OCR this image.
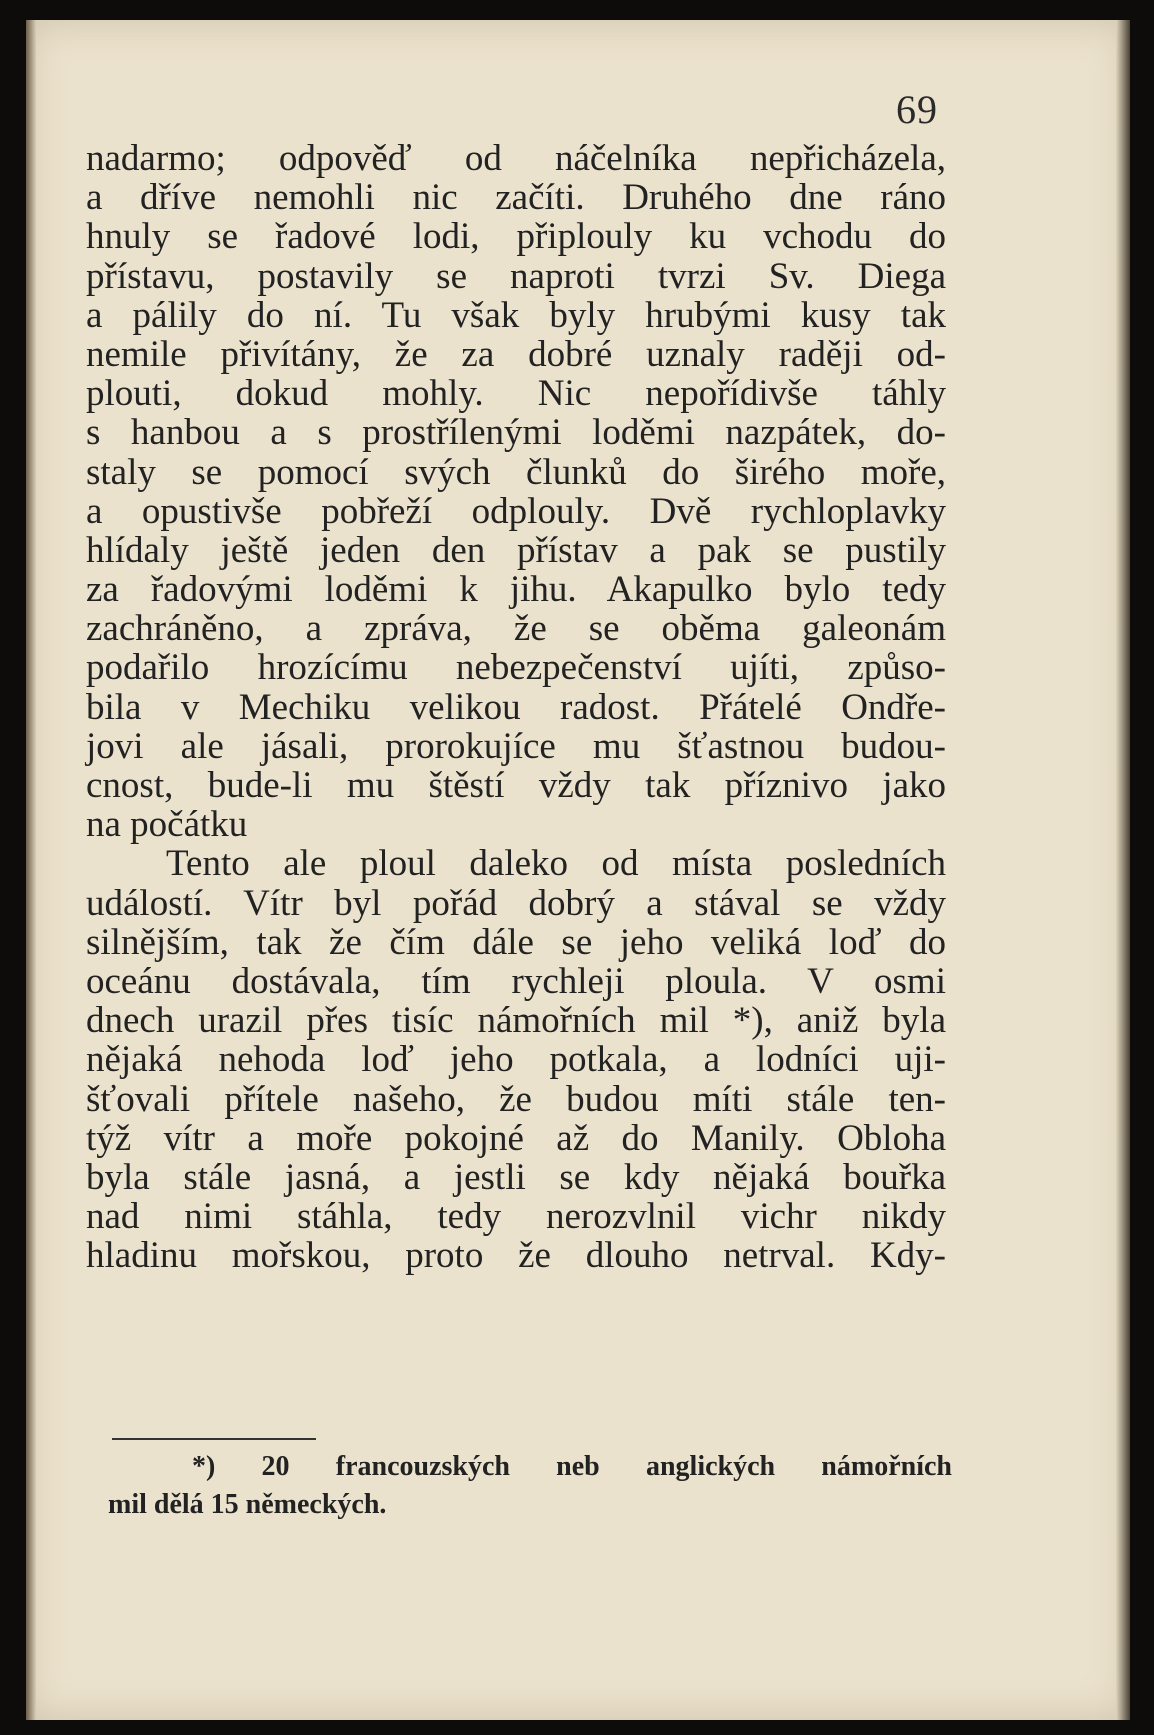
69
nadarmo; odpověď od náčelníka nepřicházela,
a dříve nemohli nic začíti. Druhého dne ráno
hnuly se řadové lodi, připlouly ku vchodu do
přístavu, postavily se naproti tvrzi Sv. Diega
a pálily do ní. Tu však byly hrubými kusy tak
nemile přivítány, že za dobré uznaly raději od-
plouti, dokud mohly. Nic nepořídivše táhly
s hanbou a s prostřílenými loděmi nazpátek, do-
staly se pomocí svých člunků do širého moře,
a opustivše pobřeží odplouly. Dvě rychloplavky
hlídaly ještě jeden den přístav a pak se pustily
za řadovými loděmi k jihu. Akapulko bylo tedy
zachráněno, a zpráva, že se oběma galeonám
podařilo hrozícímu nebezpečenství ujíti, způso-
bila v Mechiku velikou radost. Přátelé Ondře-
jovi ale jásali, prorokujíce mu šťastnou budou-
cnost, bude-li mu štěstí vždy tak příznivo jako
na počátku
Tento ale ploul daleko od místa posledních
událostí. Vítr byl pořád dobrý a stával se vždy
silnějším, tak že čím dále se jeho veliká loď do
oceánu dostávala, tím rychleji ploula. V osmi
dnech urazil přes tisíc námořních mil *), aniž byla
nějaká nehoda loď jeho potkala, a lodníci uji-
šťovali přítele našeho, že budou míti stále ten-
týž vítr a moře pokojné až do Manily. Obloha
byla stále jasná, a jestli se kdy nějaká bouřka
nad nimi stáhla, tedy nerozvlnil vichr nikdy
hladinu mořskou, proto že dlouho netrval. Kdy-
*) 20 francouzských neb anglických námořních
mil dělá 15 německých.
